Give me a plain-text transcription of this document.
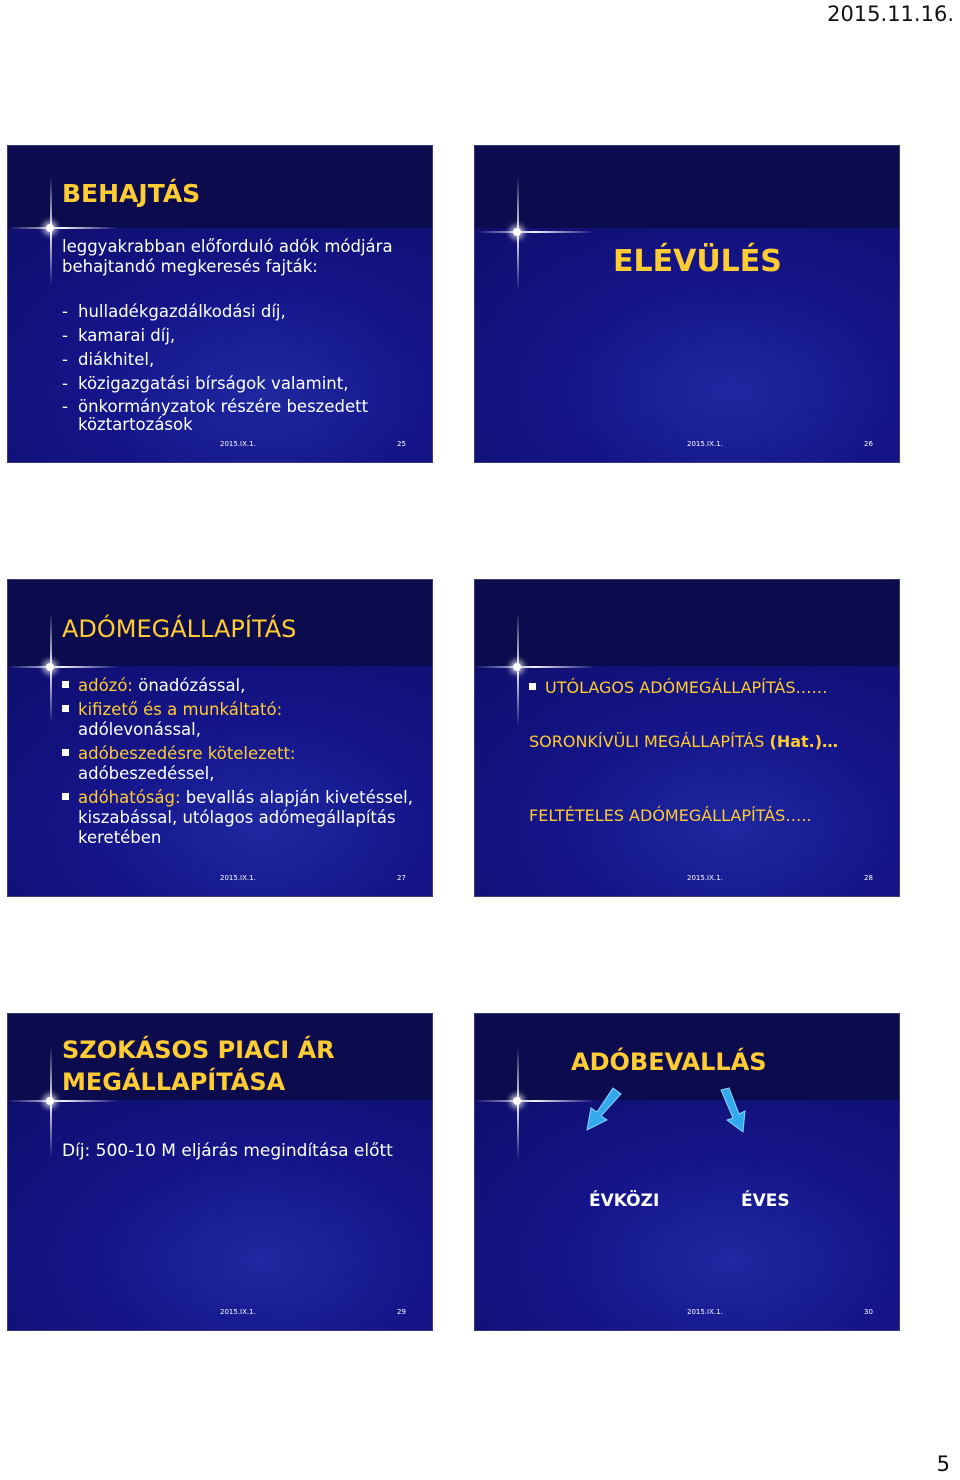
2015.11.16.
BEHAJTÁS
leggyakrabban előforduló adók módjára behajtandó megkeresés fajták:
- hulladékgazdálkodási díj,
- kamarai díj,
- diákhitel,
- közigazgatási bírságok valamint,
- önkormányzatok részére beszedett köztartozások
2015.IX.1.	25
ELÉVÜLÉS
2015.IX.1.	26
ADÓMEGÁLLAPÍTÁS
adózó: önadózással,
kifizető és a munkáltató:
adólevonással,
adóbeszedésre kötelezett:
adóbeszedéssel,
adóhatóság: bevallás alapján kivetéssel, kiszabással, utólagos adómegállapítás keretében
2015.IX.1.	27
UTÓLAGOS ADÓMEGÁLLAPÍTÁS……
SORONKÍVÜLI MEGÁLLAPÍTÁS (Hat.)…
FELTÉTELES ADÓMEGÁLLAPÍTÁS…..
2015.IX.1.	28
SZOKÁSOS PIACI ÁR
MEGÁLLAPÍTÁSA
Díj: 500-10 M eljárás megindítása előtt
2015.IX.1.	29
ADÓBEVALLÁS
ÉVKÖZI	ÉVES
2015.IX.1.	30
5
